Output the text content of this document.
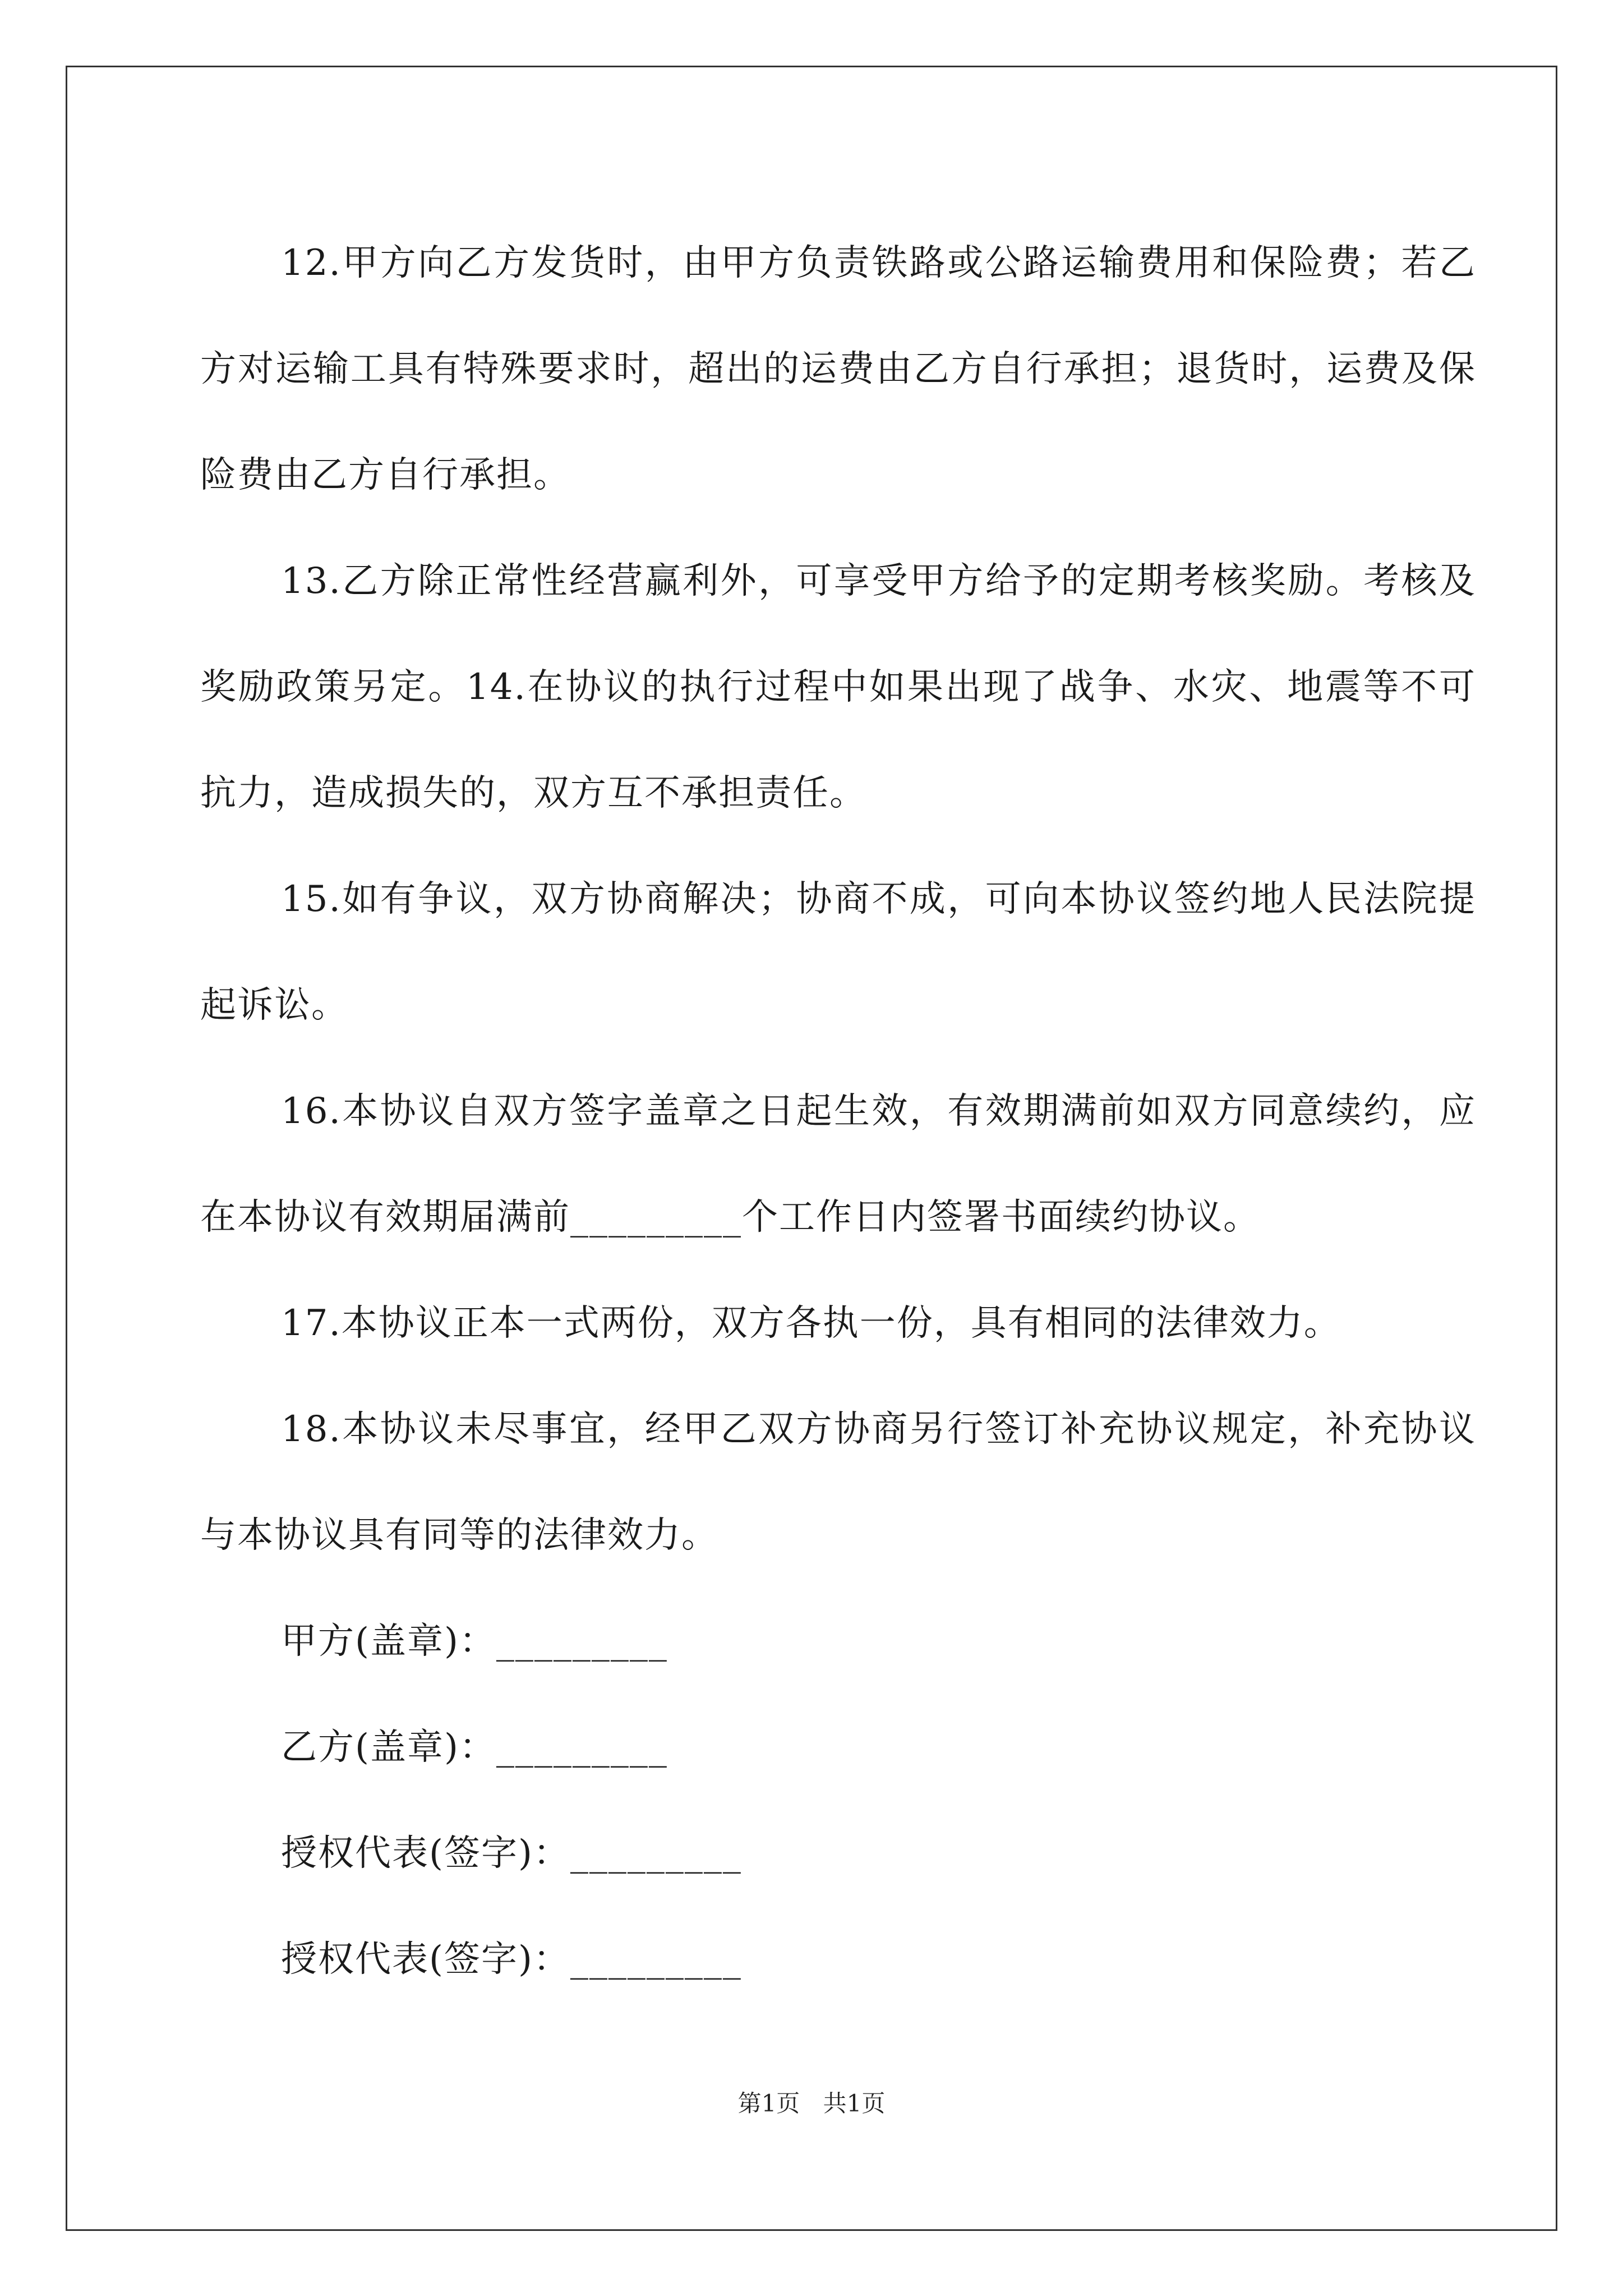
12.甲方向乙方发货时，由甲方负责铁路或公路运输费用和保险费；若乙方对运输工具有特殊要求时，超出的运费由乙方自行承担；退货时，运费及保险费由乙方自行承担。

13.乙方除正常性经营赢利外，可享受甲方给予的定期考核奖励。考核及奖励政策另定。14.在协议的执行过程中如果出现了战争、水灾、地震等不可抗力，造成损失的，双方互不承担责任。

15.如有争议，双方协商解决；协商不成，可向本协议签约地人民法院提起诉讼。

16.本协议自双方签字盖章之日起生效，有效期满前如双方同意续约，应在本协议有效期届满前_________个工作日内签署书面续约协议。

17.本协议正本一式两份，双方各执一份，具有相同的法律效力。

18.本协议未尽事宜，经甲乙双方协商另行签订补充协议规定，补充协议与本协议具有同等的法律效力。

甲方(盖章)：_________

乙方(盖章)：_________

授权代表(签字)：_________

授权代表(签字)：_________

第1页 共1页
